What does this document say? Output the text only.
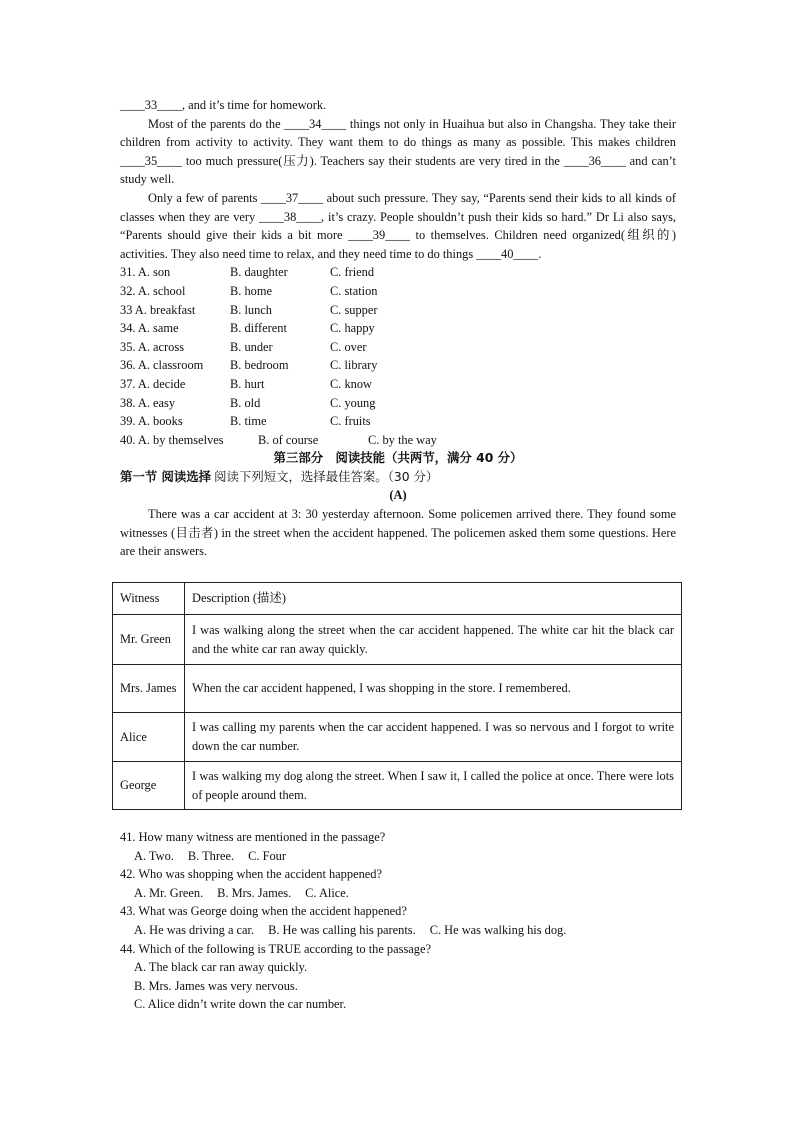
____33____, and it’s time for homework.

Most of the parents do the ____34____ things not only in Huaihua but also in Changsha. They take their children from activity to activity. They want them to do things as many as possible. This makes children ____35____ too much pressure(压力). Teachers say their students are very tired in the ____36____ and can’t study well.

Only a few of parents ____37____ about such pressure. They say, “Parents send their kids to all kinds of classes when they are very ____38____, it’s crazy. People shouldn’t push their kids so hard.” Dr Li also says, “Parents should give their kids a bit more ____39____ to themselves. Children need organized(组织的) activities. They also need time to relax, and they need time to do things ____40____.

31. A. son	B. daughter	C. friend
32. A. school	B. home	C. station
33 A. breakfast	B. lunch	C. supper
34. A. same	B. different	C. happy
35. A. across	B. under	C. over
36. A. classroom	B. bedroom	C. library
37. A. decide	B. hurt	C. know
38. A. easy	B. old	C. young
39. A. books	B. time	C. fruits
40. A. by themselves	B. of course	C. by the way
第三部分　阅读技能（共两节，满分 40 分）
第一节 阅读选择 阅读下列短文，选择最佳答案。（30 分）
(A)

There was a car accident at 3: 30 yesterday afternoon. Some policemen arrived there. They found some witnesses (目击者) in the street when the accident happened. The policemen asked them some questions. Here are their answers.

Witness	Description (描述)
Mr. Green	I was walking along the street when the car accident happened. The white car hit the black car and the white car ran away quickly.
Mrs. James	When the car accident happened, I was shopping in the store. I remembered.
Alice	I was calling my parents when the car accident happened. I was so nervous and I forgot to write down the car number.
George	I was walking my dog along the street. When I saw it, I called the police at once. There were lots of people around them.
41. How many witness are mentioned in the passage?
A. Two. B. Three. C. Four
42. Who was shopping when the accident happened?
A. Mr. Green. B. Mrs. James. C. Alice.
43. What was George doing when the accident happened?
A. He was driving a car. B. He was calling his parents. C. He was walking his dog.
44. Which of the following is TRUE according to the passage?
A. The black car ran away quickly.
B. Mrs. James was very nervous.
C. Alice didn’t write down the car number.
